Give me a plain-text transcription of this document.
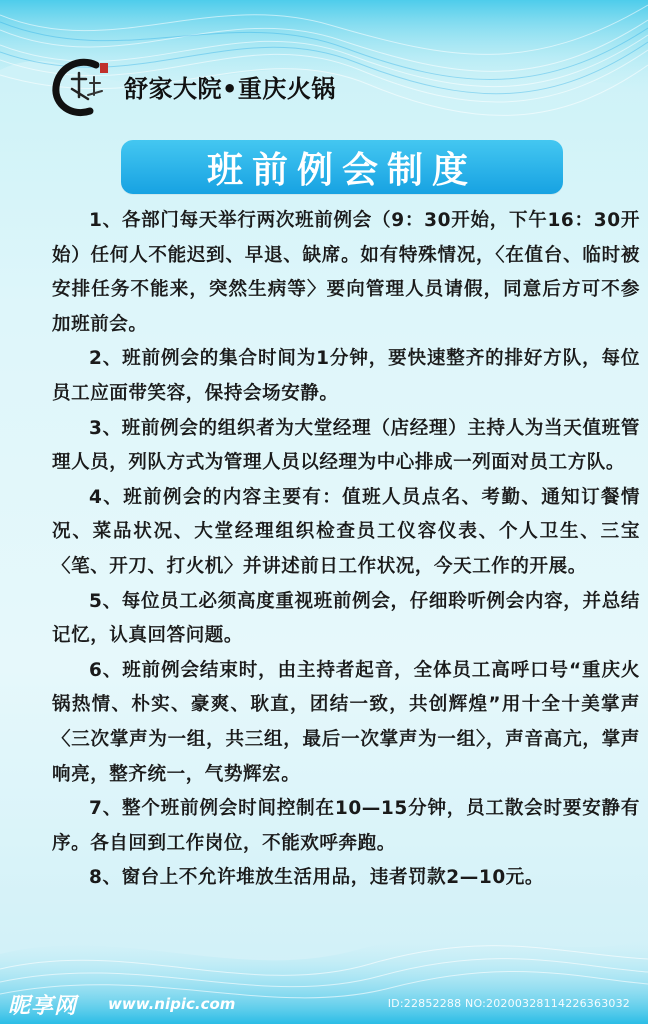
舒家大院•重庆火锅
班前例会制度

1、各部门每天举行两次班前例会（9：30开始，下午16：30开始）任何人不能迟到、早退、缺席。如有特殊情况，〈在值台、临时被安排任务不能来，突然生病等〉要向管理人员请假，同意后方可不参加班前会。

2、班前例会的集合时间为1分钟，要快速整齐的排好方队，每位员工应面带笑容，保持会场安静。

3、班前例会的组织者为大堂经理（店经理）主持人为当天值班管理人员，列队方式为管理人员以经理为中心排成一列面对员工方队。

4、班前例会的内容主要有：值班人员点名、考勤、通知订餐情况、菜品状况、大堂经理组织检查员工仪容仪表、个人卫生、三宝〈笔、开刀、打火机〉并讲述前日工作状况，今天工作的开展。

5、每位员工必须高度重视班前例会，仔细聆听例会内容，并总结记忆，认真回答问题。

6、班前例会结束时，由主持者起音，全体员工高呼口号“重庆火锅热情、朴实、豪爽、耿直，团结一致，共创辉煌”用十全十美掌声〈三次掌声为一组，共三组，最后一次掌声为一组〉，声音高亢，掌声响亮，整齐统一，气势辉宏。

7、整个班前例会时间控制在10—15分钟，员工散会时要安静有序。各自回到工作岗位，不能欢呼奔跑。

8、窗台上不允许堆放生活用品，违者罚款2—10元。

昵享网 www.nipic.com	ID:22852288 NO:20200328114226363032
